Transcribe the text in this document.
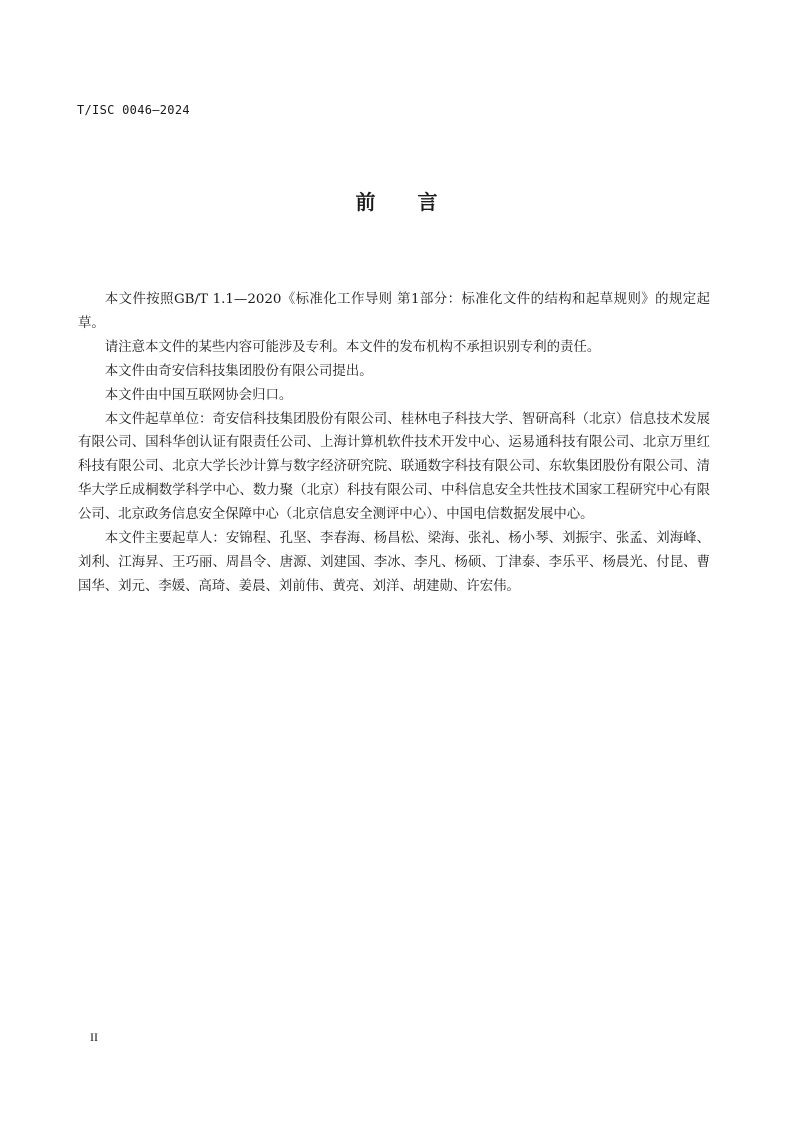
T/ISC 0046—2024
前 言

本文件按照GB/T 1.1—2020《标准化工作导则 第1部分：标准化文件的结构和起草规则》的规定起草。

请注意本文件的某些内容可能涉及专利。本文件的发布机构不承担识别专利的责任。

本文件由奇安信科技集团股份有限公司提出。

本文件由中国互联网协会归口。

本文件起草单位：奇安信科技集团股份有限公司、桂林电子科技大学、智研高科（北京）信息技术发展有限公司、国科华创认证有限责任公司、上海计算机软件技术开发中心、运易通科技有限公司、北京万里红科技有限公司、北京大学长沙计算与数字经济研究院、联通数字科技有限公司、东软集团股份有限公司、清华大学丘成桐数学科学中心、数力聚（北京）科技有限公司、中科信息安全共性技术国家工程研究中心有限公司、北京政务信息安全保障中心（北京信息安全测评中心）、中国电信数据发展中心。

本文件主要起草人：安锦程、孔坚、李春海、杨昌松、梁海、张礼、杨小琴、刘振宇、张孟、刘海峰、刘利、江海昇、王巧丽、周昌令、唐源、刘建国、李冰、李凡、杨硕、丁津泰、李乐平、杨晨光、付昆、曹国华、刘元、李媛、高琦、姜晨、刘前伟、黄亮、刘洋、胡建勋、许宏伟。

II
